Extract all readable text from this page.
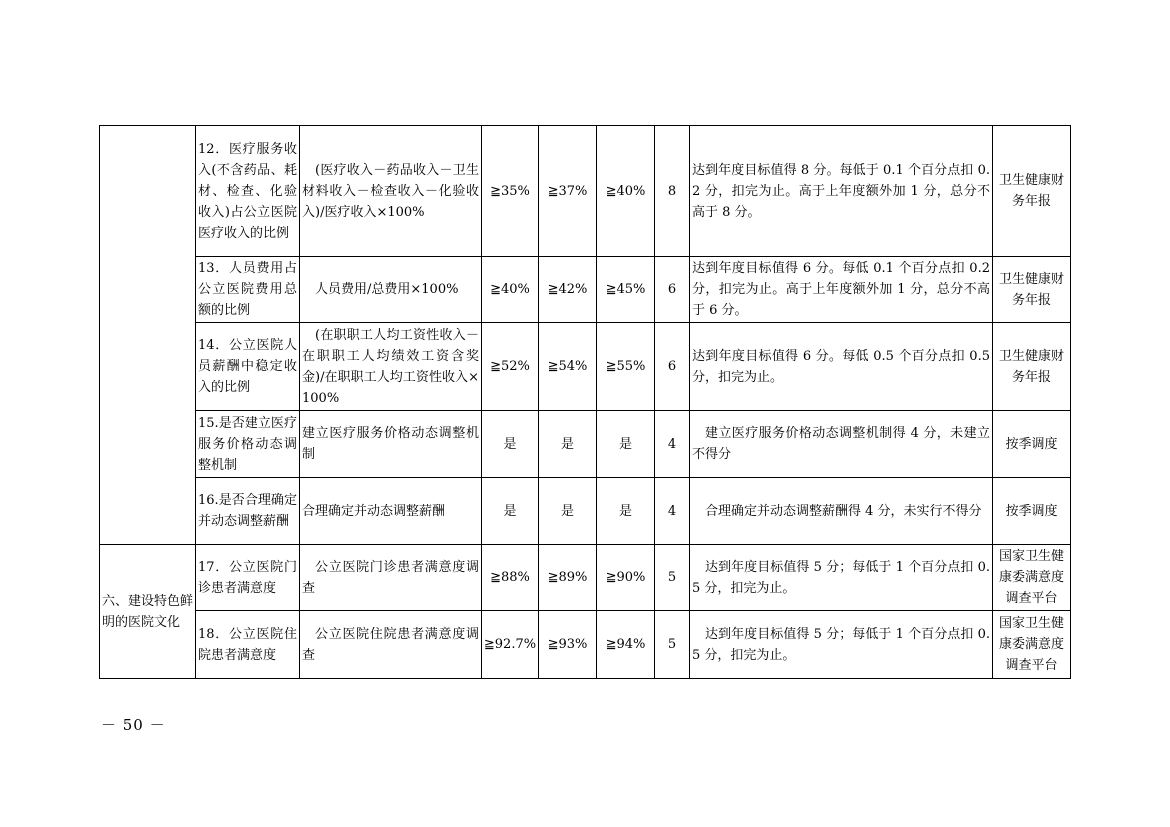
	12．医疗服务收入(不含药品、耗材、检查、化验收入)占公立医院医疗收入的比例	(医疗收入－药品收入－卫生材料收入－检查收入－化验收入)/医疗收入×100%	≧35%	≧37%	≧40%	8	达到年度目标值得 8 分。每低于 0.1 个百分点扣 0.2 分，扣完为止。高于上年度额外加 1 分，总分不高于 8 分。	卫生健康财务年报
	13．人员费用占公立医院费用总额的比例	人员费用/总费用×100%	≧40%	≧42%	≧45%	6	达到年度目标值得 6 分。每低 0.1 个百分点扣 0.2 分，扣完为止。高于上年度额外加 1 分，总分不高于 6 分。	卫生健康财务年报
	14．公立医院人员薪酬中稳定收入的比例	(在职职工人均工资性收入－在职职工人均绩效工资含奖金)/在职职工人均工资性收入×100%	≧52%	≧54%	≧55%	6	达到年度目标值得 6 分。每低 0.5 个百分点扣 0.5 分，扣完为止。	卫生健康财务年报
	15.是否建立医疗服务价格动态调整机制	建立医疗服务价格动态调整机制	是	是	是	4	建立医疗服务价格动态调整机制得 4 分，未建立不得分	按季调度
	16.是否合理确定并动态调整薪酬	合理确定并动态调整薪酬	是	是	是	4	合理确定并动态调整薪酬得 4 分，未实行不得分	按季调度
六、建设特色鲜明的医院文化	17．公立医院门诊患者满意度	公立医院门诊患者满意度调查	≧88%	≧89%	≧90%	5	达到年度目标值得 5 分；每低于 1 个百分点扣 0.5 分，扣完为止。	国家卫生健康委满意度调查平台
	18．公立医院住院患者满意度	公立医院住院患者满意度调查	≧92.7%	≧93%	≧94%	5	达到年度目标值得 5 分；每低于 1 个百分点扣 0.5 分，扣完为止。	国家卫生健康委满意度调查平台
－ 50 －
